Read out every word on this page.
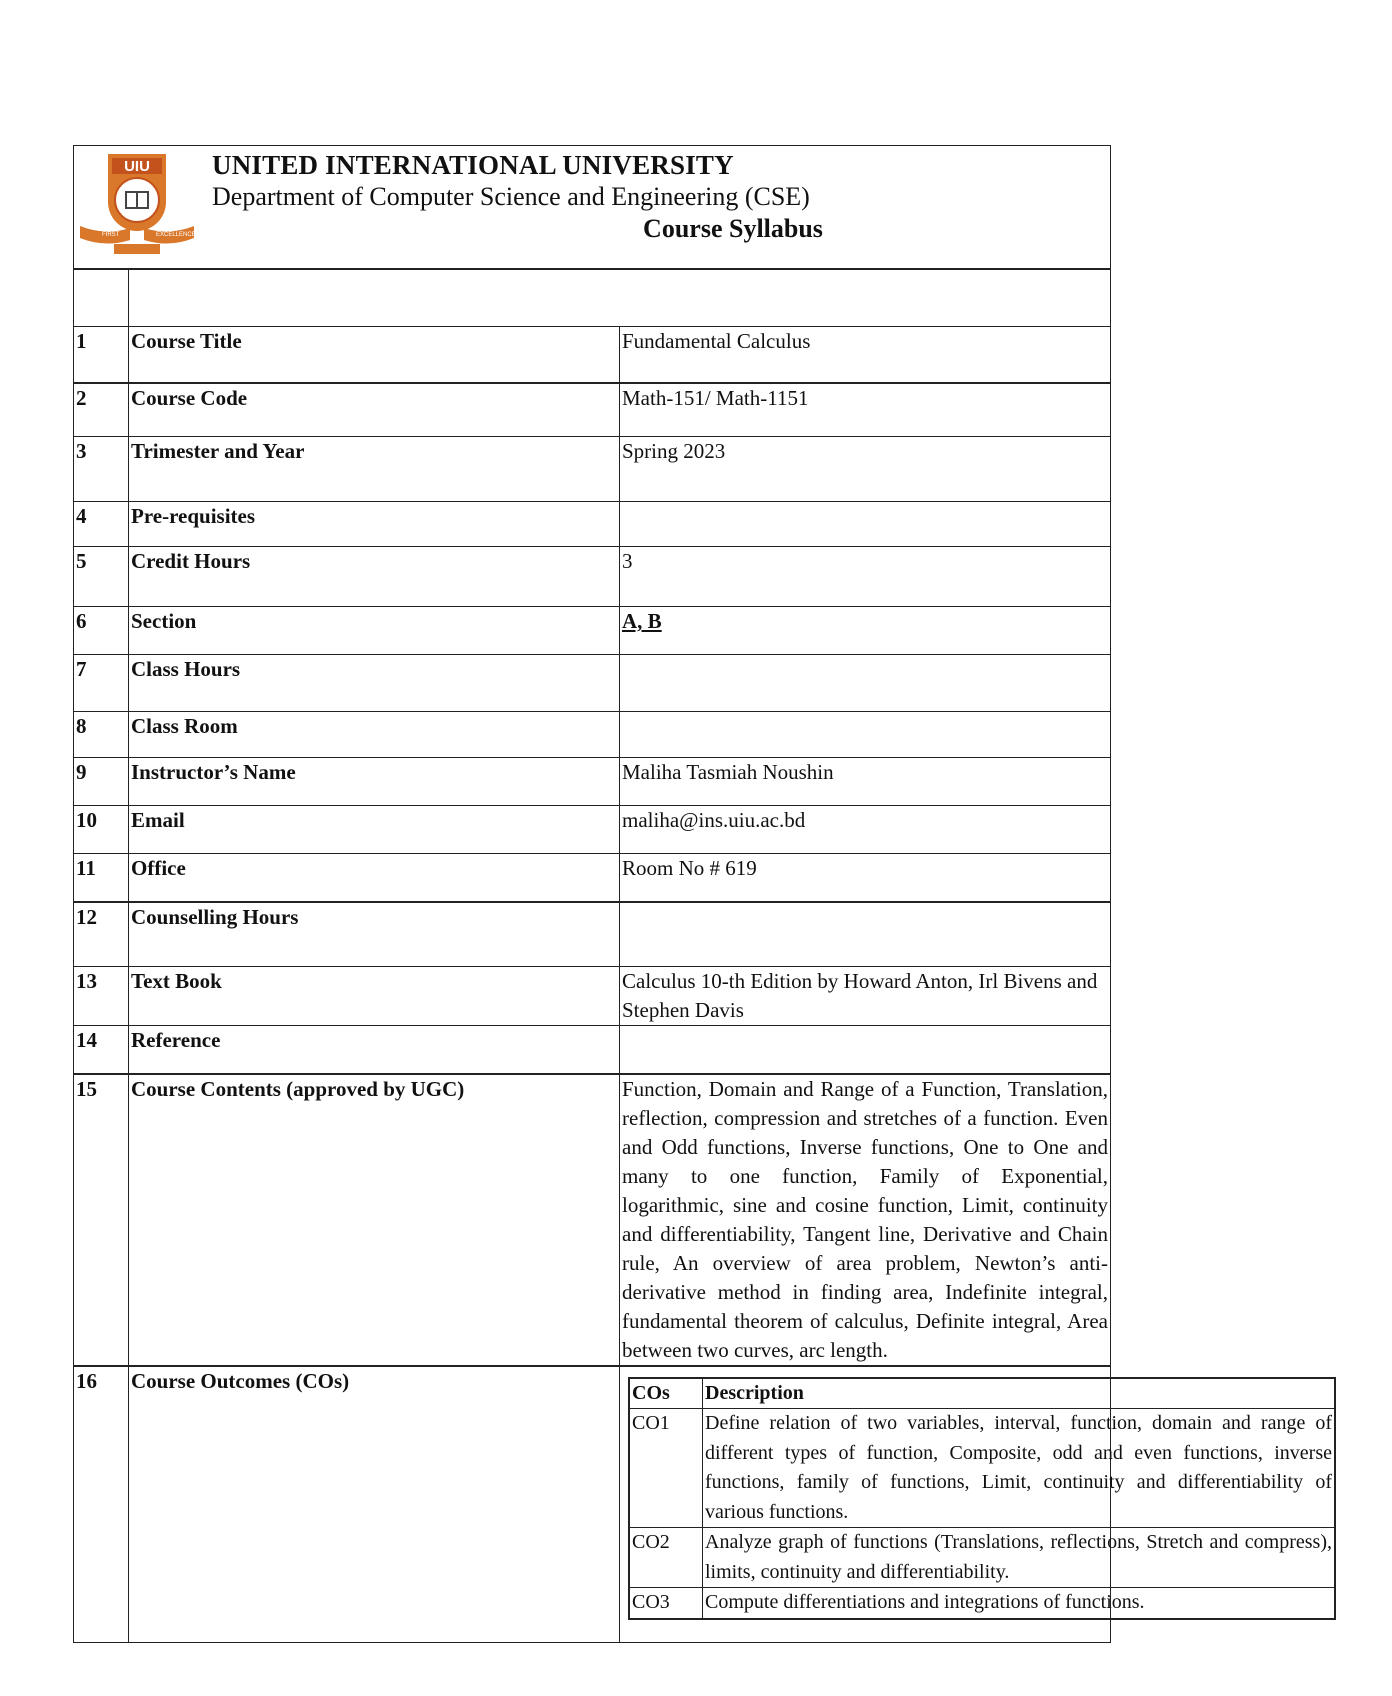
UIU
FIRST	EXCELLENCE
UNITED INTERNATIONAL UNIVERSITY
Department of Computer Science and Engineering (CSE)
Course Syllabus

1	Course Title	Fundamental Calculus
2	Course Code	Math-151/ Math-1151
3	Trimester and Year	Spring 2023
4	Pre-requisites	
5	Credit Hours	3
6	Section	A, B
7	Class Hours	
8	Class Room	
9	Instructor’s Name	Maliha Tasmiah Noushin
10	Email	maliha@ins.uiu.ac.bd
11	Office	Room No # 619
12	Counselling Hours	
13	Text Book	Calculus 10-th Edition by Howard Anton, Irl Bivens and Stephen Davis
14	Reference	
15	Course Contents (approved by UGC)	Function, Domain and Range of a Function, Translation, reflection, compression and stretches of a function. Even and Odd functions, Inverse functions, One to One and many to one function, Family of Exponential, logarithmic, sine and cosine function, Limit, continuity and differentiability, Tangent line, Derivative and Chain rule, An overview of area problem, Newton’s anti-derivative method in finding area, Indefinite integral, fundamental theorem of calculus, Definite integral, Area between two curves, arc length.
16	Course Outcomes (COs)		COs	Description
CO1	Define relation of two variables, interval, function, domain and range of different types of function, Composite, odd and even functions, inverse functions, family of functions, Limit, continuity and differentiability of various functions.
CO2	Analyze graph of functions (Translations, reflections, Stretch and compress), limits, continuity and differentiability.
CO3	Compute differentiations and integrations of functions.
